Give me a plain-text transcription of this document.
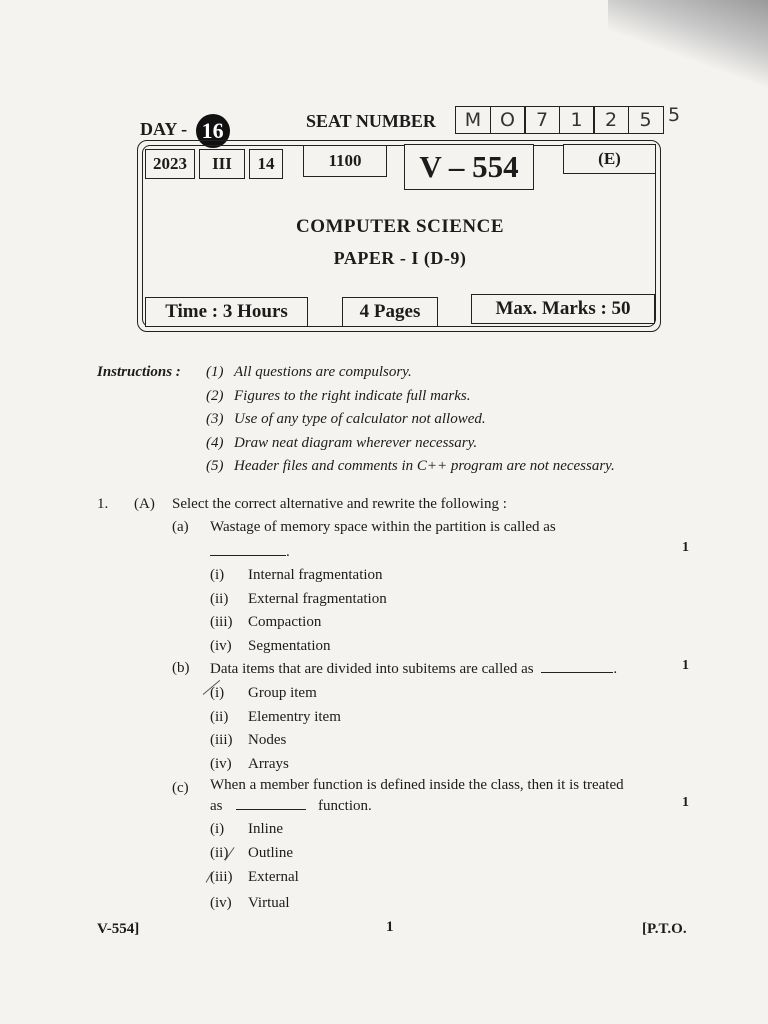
DAY - 16	SEAT NUMBER	M O	7	1	2	5 5
2023	III	14	1100	V – 554	(E)
COMPUTER SCIENCE
PAPER - I (D-9)
Time : 3 Hours	4 Pages	Max. Marks : 50
Instructions : (1) All questions are compulsory.
(2) Figures to the right indicate full marks.
(3) Use of any type of calculator not allowed.
(4) Draw neat diagram wherever necessary.
(5) Header files and comments in C++ program are not necessary.
1. (A) Select the correct alternative and rewrite the following :
(a) Wastage of memory space within the partition is called as
.	1
(i) Internal fragmentation
(ii) External fragmentation
(iii) Compaction
(iv) Segmentation
(b) Data items that are divided into subitems are called as	.	1
(i) Group item
(ii) Elementry item
(iii) Nodes
(iv) Arrays
(c) When a member function is defined inside the class, then it is treated
as	function.	1
(i) Inline
(ii) Outline
(iii) External
(iv) Virtual
V-554]	1	[P.T.O.
